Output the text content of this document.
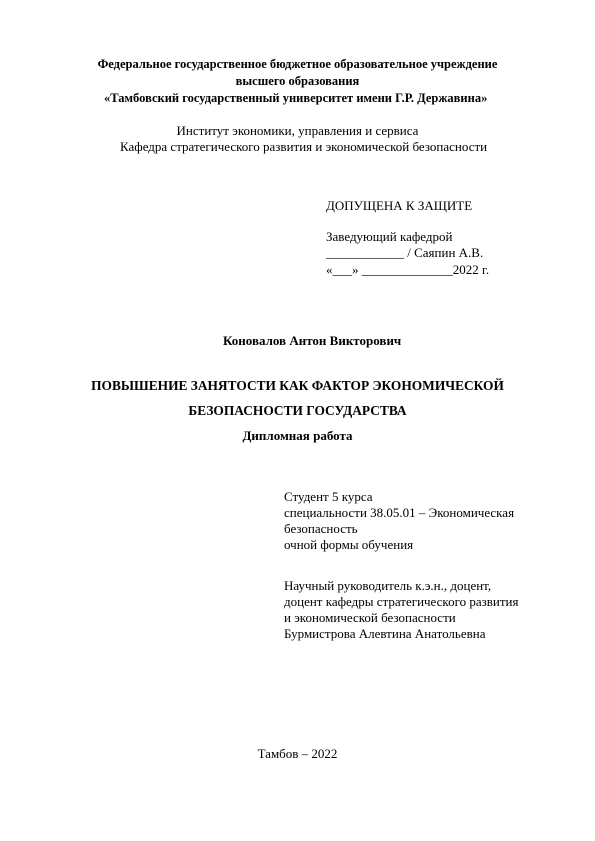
Федеральное государственное бюджетное образовательное учреждение
высшего образования
«Тамбовский государственный университет имени Г.Р. Державина»
Институт экономики, управления и сервиса
Кафедра стратегического развития и экономической безопасности
ДОПУЩЕНА К ЗАЩИТЕ
Заведующий кафедрой
____________ / Саяпин А.В.
«___» ______________2022 г.
Коновалов Антон Викторович
ПОВЫШЕНИЕ ЗАНЯТОСТИ КАК ФАКТОР ЭКОНОМИЧЕСКОЙ
БЕЗОПАСНОСТИ ГОСУДАРСТВА
Дипломная работа
Студент 5 курса
специальности 38.05.01 – Экономическая
безопасность
очной формы обучения
Научный руководитель к.э.н., доцент,
доцент кафедры стратегического развития
и экономической безопасности
Бурмистрова Алевтина Анатольевна
Тамбов – 2022
